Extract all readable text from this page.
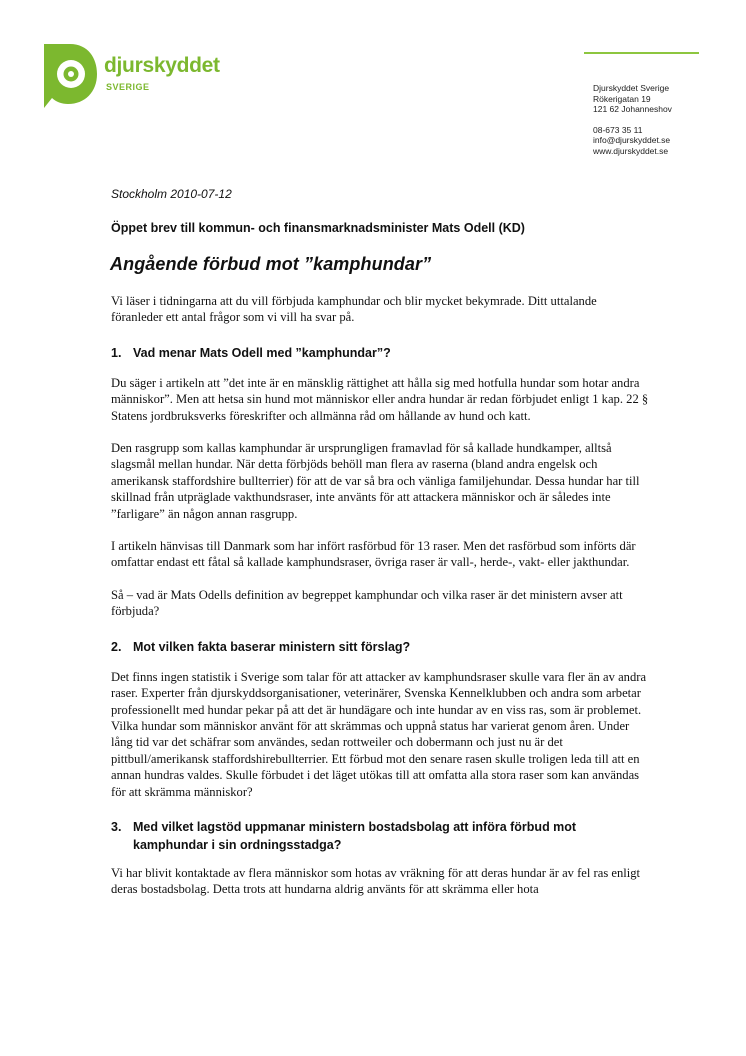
djurskyddet
SVERIGE	Djurskyddet Sverige
Rökerigatan 19
121 62 Johanneshov
08-673 35 11
info@djurskyddet.se
www.djurskyddet.se
Stockholm 2010-07-12
Öppet brev till kommun- och finansmarknadsminister Mats Odell (KD)
Angående förbud mot ”kamphundar”

Vi läser i tidningarna att du vill förbjuda kamphundar och blir mycket bekymrade. Ditt uttalande föranleder ett antal frågor som vi vill ha svar på.

1. Vad menar Mats Odell med ”kamphundar”?

Du säger i artikeln att ”det inte är en mänsklig rättighet att hålla sig med hotfulla hundar som hotar andra människor”. Men att hetsa sin hund mot människor eller andra hundar är redan förbjudet enligt 1 kap. 22 § Statens jordbruksverks föreskrifter och allmänna råd om hållande av hund och katt.

Den rasgrupp som kallas kamphundar är ursprungligen framavlad för så kallade hundkamper, alltså slagsmål mellan hundar. När detta förbjöds behöll man flera av raserna (bland andra engelsk och amerikansk staffordshire bullterrier) för att de var så bra och vänliga familjehundar. Dessa hundar har till skillnad från utpräglade vakthundsraser, inte använts för att attackera människor och är således inte ”farligare” än någon annan rasgrupp.

I artikeln hänvisas till Danmark som har infört rasförbud för 13 raser. Men det rasförbud som införts där omfattar endast ett fåtal så kallade kamphundsraser, övriga raser är vall-, herde-, vakt- eller jakthundar.

Så – vad är Mats Odells definition av begreppet kamphundar och vilka raser är det ministern avser att förbjuda?

2. Mot vilken fakta baserar ministern sitt förslag?

Det finns ingen statistik i Sverige som talar för att attacker av kamphundsraser skulle vara fler än av andra raser. Experter från djurskyddsorganisationer, veterinärer, Svenska Kennelklubben och andra som arbetar professionellt med hundar pekar på att det är hundägare och inte hundar av en viss ras, som är problemet. Vilka hundar som människor använt för att skrämmas och uppnå status har varierat genom åren. Under lång tid var det schäfrar som användes, sedan rottweiler och dobermann och just nu är det pittbull/amerikansk staffordshirebullterrier. Ett förbud mot den senare rasen skulle troligen leda till att en annan hundras valdes. Skulle förbudet i det läget utökas till att omfatta alla stora raser som kan användas för att skrämma människor?

3. Med vilket lagstöd uppmanar ministern bostadsbolag att införa förbud mot kamphundar i sin ordningsstadga?

Vi har blivit kontaktade av flera människor som hotas av vräkning för att deras hundar är av fel ras enligt deras bostadsbolag. Detta trots att hundarna aldrig använts för att skrämma eller hota
